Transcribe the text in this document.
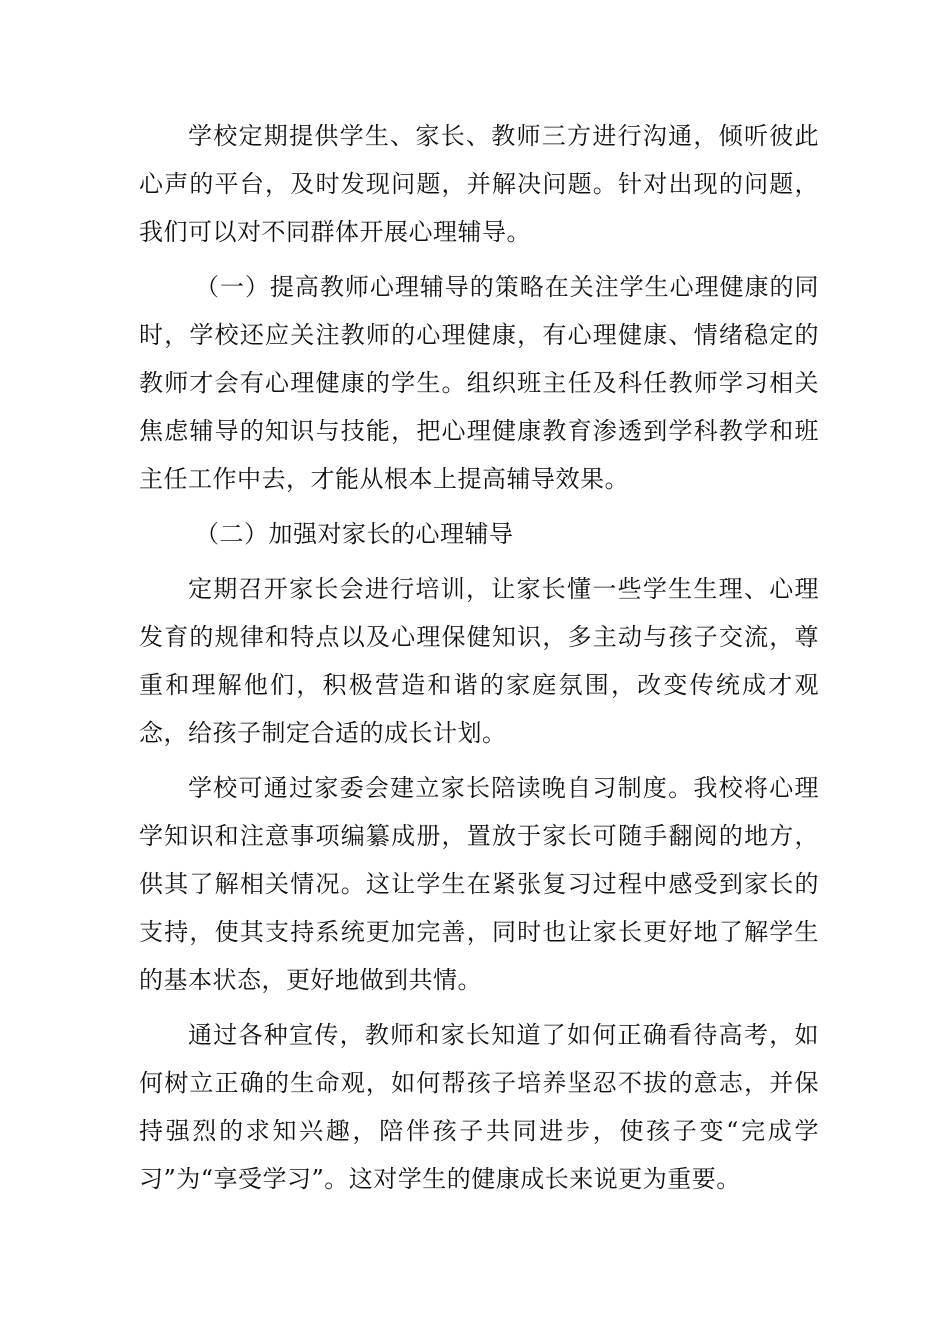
学校定期提供学生、家长、教师三方进行沟通，倾听彼此心声的平台，及时发现问题，并解决问题。针对出现的问题，我们可以对不同群体开展心理辅导。

（一）提高教师心理辅导的策略在关注学生心理健康的同时，学校还应关注教师的心理健康，有心理健康、情绪稳定的教师才会有心理健康的学生。组织班主任及科任教师学习相关焦虑辅导的知识与技能，把心理健康教育渗透到学科教学和班主任工作中去，才能从根本上提高辅导效果。

（二）加强对家长的心理辅导

定期召开家长会进行培训，让家长懂一些学生生理、心理发育的规律和特点以及心理保健知识，多主动与孩子交流，尊重和理解他们，积极营造和谐的家庭氛围，改变传统成才观念，给孩子制定合适的成长计划。

学校可通过家委会建立家长陪读晚自习制度。我校将心理学知识和注意事项编纂成册，置放于家长可随手翻阅的地方，供其了解相关情况。这让学生在紧张复习过程中感受到家长的支持，使其支持系统更加完善，同时也让家长更好地了解学生的基本状态，更好地做到共情。

通过各种宣传，教师和家长知道了如何正确看待高考，如何树立正确的生命观，如何帮孩子培养坚忍不拔的意志，并保持强烈的求知兴趣，陪伴孩子共同进步，使孩子变“完成学习”为“享受学习”。这对学生的健康成长来说更为重要。
